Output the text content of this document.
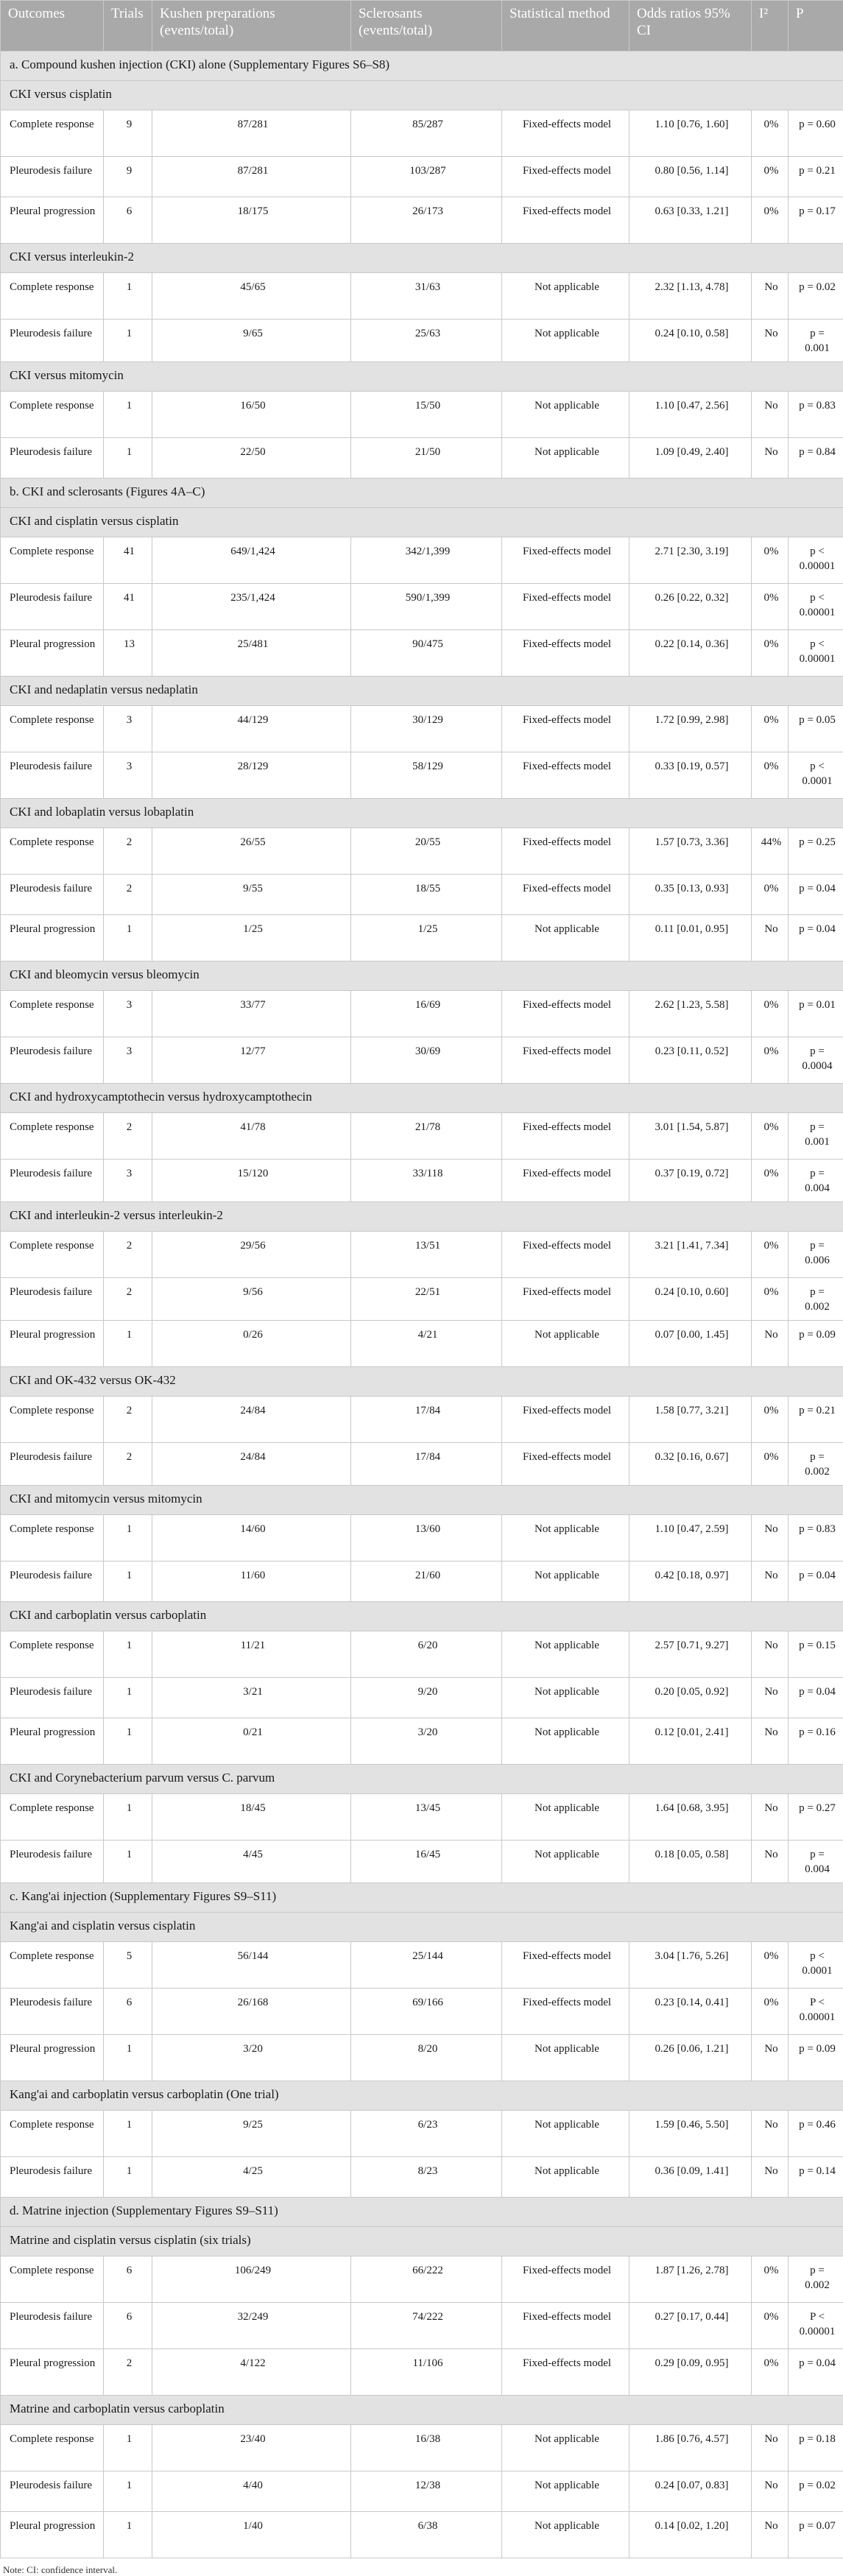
Outcomes	Trials	Kushen preparations (events/total)	Sclerosants (events/total)	Statistical method	Odds ratios 95% CI	I²	P
a. Compound kushen injection (CKI) alone (Supplementary Figures S6–S8)							
CKI versus cisplatin							
Complete response	9	87/281	85/287	Fixed-effects model	1.10 [0.76, 1.60]	0%	p = 0.60
Pleurodesis failure	9	87/281	103/287	Fixed-effects model	0.80 [0.56, 1.14]	0%	p = 0.21
Pleural progression	6	18/175	26/173	Fixed-effects model	0.63 [0.33, 1.21]	0%	p = 0.17
CKI versus interleukin-2							
Complete response	1	45/65	31/63	Not applicable	2.32 [1.13, 4.78]	No	p = 0.02
Pleurodesis failure	1	9/65	25/63	Not applicable	0.24 [0.10, 0.58]	No	p = 0.001
CKI versus mitomycin							
Complete response	1	16/50	15/50	Not applicable	1.10 [0.47, 2.56]	No	p = 0.83
Pleurodesis failure	1	22/50	21/50	Not applicable	1.09 [0.49, 2.40]	No	p = 0.84
b. CKI and sclerosants (Figures 4A–C)							
CKI and cisplatin versus cisplatin							
Complete response	41	649/1,424	342/1,399	Fixed-effects model	2.71 [2.30, 3.19]	0%	p < 0.00001
Pleurodesis failure	41	235/1,424	590/1,399	Fixed-effects model	0.26 [0.22, 0.32]	0%	p < 0.00001
Pleural progression	13	25/481	90/475	Fixed-effects model	0.22 [0.14, 0.36]	0%	p < 0.00001
CKI and nedaplatin versus nedaplatin							
Complete response	3	44/129	30/129	Fixed-effects model	1.72 [0.99, 2.98]	0%	p = 0.05
Pleurodesis failure	3	28/129	58/129	Fixed-effects model	0.33 [0.19, 0.57]	0%	p < 0.0001
CKI and lobaplatin versus lobaplatin							
Complete response	2	26/55	20/55	Fixed-effects model	1.57 [0.73, 3.36]	44%	p = 0.25
Pleurodesis failure	2	9/55	18/55	Fixed-effects model	0.35 [0.13, 0.93]	0%	p = 0.04
Pleural progression	1	1/25	1/25	Not applicable	0.11 [0.01, 0.95]	No	p = 0.04
CKI and bleomycin versus bleomycin							
Complete response	3	33/77	16/69	Fixed-effects model	2.62 [1.23, 5.58]	0%	p = 0.01
Pleurodesis failure	3	12/77	30/69	Fixed-effects model	0.23 [0.11, 0.52]	0%	p = 0.0004
CKI and hydroxycamptothecin versus hydroxycamptothecin							
Complete response	2	41/78	21/78	Fixed-effects model	3.01 [1.54, 5.87]	0%	p = 0.001
Pleurodesis failure	3	15/120	33/118	Fixed-effects model	0.37 [0.19, 0.72]	0%	p = 0.004
CKI and interleukin-2 versus interleukin-2							
Complete response	2	29/56	13/51	Fixed-effects model	3.21 [1.41, 7.34]	0%	p = 0.006
Pleurodesis failure	2	9/56	22/51	Fixed-effects model	0.24 [0.10, 0.60]	0%	p = 0.002
Pleural progression	1	0/26	4/21	Not applicable	0.07 [0.00, 1.45]	No	p = 0.09
CKI and OK-432 versus OK-432							
Complete response	2	24/84	17/84	Fixed-effects model	1.58 [0.77, 3.21]	0%	p = 0.21
Pleurodesis failure	2	24/84	17/84	Fixed-effects model	0.32 [0.16, 0.67]	0%	p = 0.002
CKI and mitomycin versus mitomycin							
Complete response	1	14/60	13/60	Not applicable	1.10 [0.47, 2.59]	No	p = 0.83
Pleurodesis failure	1	11/60	21/60	Not applicable	0.42 [0.18, 0.97]	No	p = 0.04
CKI and carboplatin versus carboplatin							
Complete response	1	11/21	6/20	Not applicable	2.57 [0.71, 9.27]	No	p = 0.15
Pleurodesis failure	1	3/21	9/20	Not applicable	0.20 [0.05, 0.92]	No	p = 0.04
Pleural progression	1	0/21	3/20	Not applicable	0.12 [0.01, 2.41]	No	p = 0.16
CKI and Corynebacterium parvum versus C. parvum							
Complete response	1	18/45	13/45	Not applicable	1.64 [0.68, 3.95]	No	p = 0.27
Pleurodesis failure	1	4/45	16/45	Not applicable	0.18 [0.05, 0.58]	No	p = 0.004
c. Kang'ai injection (Supplementary Figures S9–S11)							
Kang'ai and cisplatin versus cisplatin							
Complete response	5	56/144	25/144	Fixed-effects model	3.04 [1.76, 5.26]	0%	p < 0.0001
Pleurodesis failure	6	26/168	69/166	Fixed-effects model	0.23 [0.14, 0.41]	0%	P < 0.00001
Pleural progression	1	3/20	8/20	Not applicable	0.26 [0.06, 1.21]	No	p = 0.09
Kang'ai and carboplatin versus carboplatin (One trial)							
Complete response	1	9/25	6/23	Not applicable	1.59 [0.46, 5.50]	No	p = 0.46
Pleurodesis failure	1	4/25	8/23	Not applicable	0.36 [0.09, 1.41]	No	p = 0.14
d. Matrine injection (Supplementary Figures S9–S11)							
Matrine and cisplatin versus cisplatin (six trials)							
Complete response	6	106/249	66/222	Fixed-effects model	1.87 [1.26, 2.78]	0%	p = 0.002
Pleurodesis failure	6	32/249	74/222	Fixed-effects model	0.27 [0.17, 0.44]	0%	P < 0.00001
Pleural progression	2	4/122	11/106	Fixed-effects model	0.29 [0.09, 0.95]	0%	p = 0.04
Matrine and carboplatin versus carboplatin							
Complete response	1	23/40	16/38	Not applicable	1.86 [0.76, 4.57]	No	p = 0.18
Pleurodesis failure	1	4/40	12/38	Not applicable	0.24 [0.07, 0.83]	No	p = 0.02
Pleural progression	1	1/40	6/38	Not applicable	0.14 [0.02, 1.20]	No	p = 0.07
Note: CI: confidence interval.
